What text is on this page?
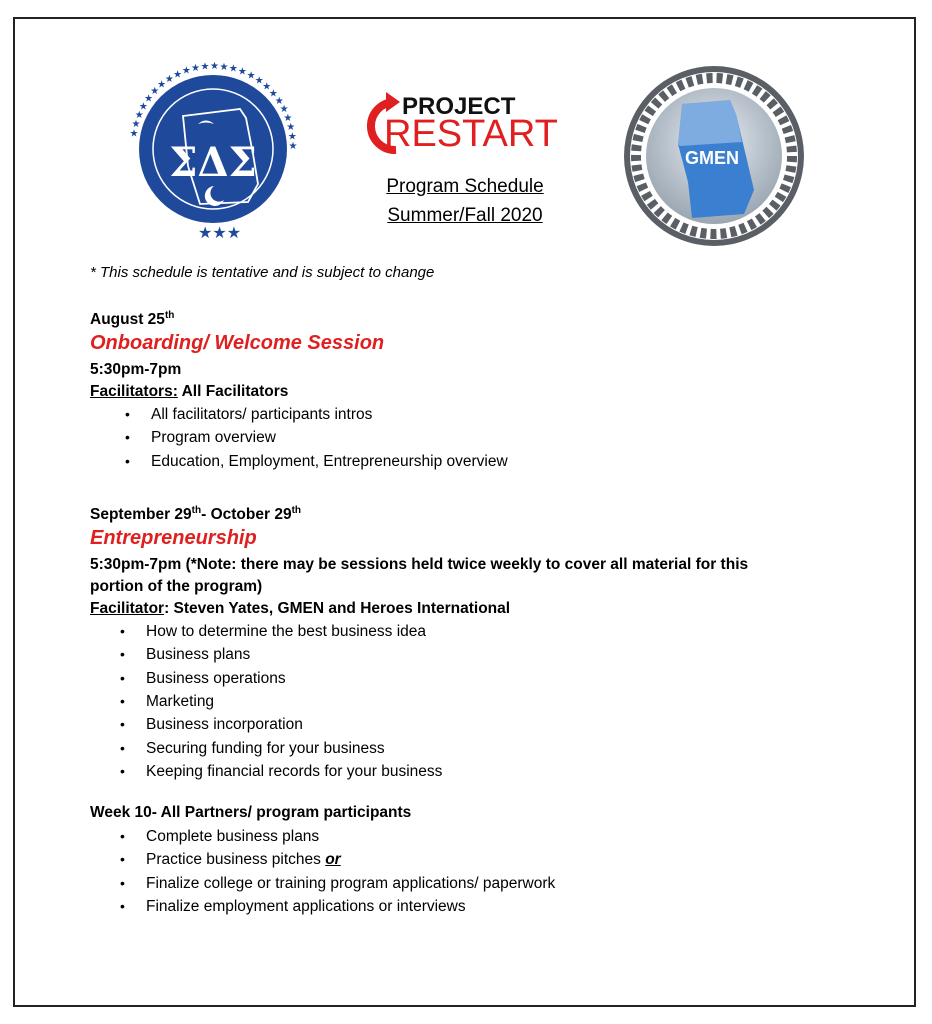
★
★
★
★
★
★
★
★ ★ ★ ★ ★ ★ ★ ★ ★ ★ ★
★
★
★
★
★
★
★
★
ΣΔΣ
★★★
PROJECT
RESTART
GMEN
Program Schedule
Summer/Fall 2020
* This schedule is tentative and is subject to change
August 25th
Onboarding/ Welcome Session
5:30pm-7pm
Facilitators: All Facilitators
• All facilitators/ participants intros
• Program overview
• Education, Employment, Entrepreneurship overview
September 29th- October 29th
Entrepreneurship
5:30pm-7pm (*Note: there may be sessions held twice weekly to cover all material for this
portion of the program)
Facilitator: Steven Yates, GMEN and Heroes International
• How to determine the best business idea
• Business plans
• Business operations
• Marketing
• Business incorporation
• Securing funding for your business
• Keeping financial records for your business
Week 10- All Partners/ program participants
• Complete business plans
• Practice business pitches or
• Finalize college or training program applications/ paperwork
• Finalize employment applications or interviews
